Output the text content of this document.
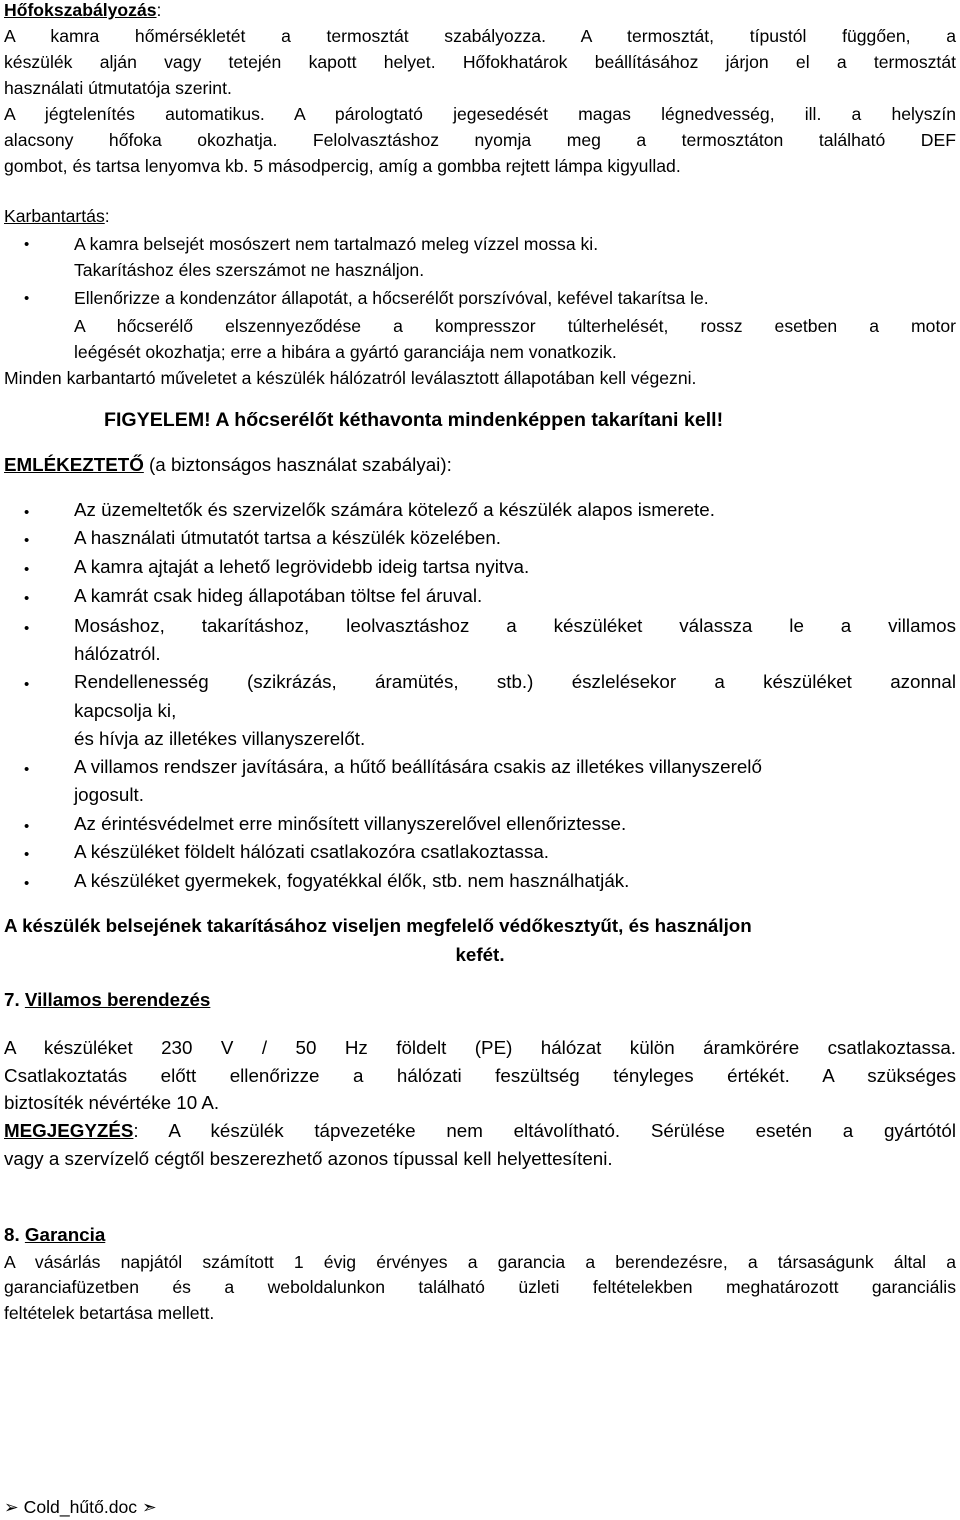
Hőfokszabályozás:
A kamra hőmérsékletét a termosztát szabályozza. A termosztát, típustól függően, a
készülék alján vagy tetején kapott helyet. Hőfokhatárok beállításához járjon el a termosztát
használati útmutatója szerint.
A jégtelenítés automatikus. A párologtató jegesedését magas légnedvesség, ill. a helyszín
alacsony hőfoka okozhatja. Felolvasztáshoz nyomja meg a termosztáton található DEF
gombot, és tartsa lenyomva kb. 5 másodpercig, amíg a gombba rejtett lámpa kigyullad.
Karbantartás:
•	A kamra belsejét mosószert nem tartalmazó meleg vízzel mossa ki.
Takarításhoz éles szerszámot ne használjon.
•	Ellenőrizze a kondenzátor állapotát, a hőcserélőt porszívóval, kefével takarítsa le.
A hőcserélő elszennyeződése a kompresszor túlterhelését, rossz esetben a motor
leégését okozhatja; erre a hibára a gyártó garanciája nem vonatkozik.
Minden karbantartó műveletet a készülék hálózatról leválasztott állapotában kell végezni.
FIGYELEM! A hőcserélőt kéthavonta mindenképpen takarítani kell!
EMLÉKEZTETŐ (a biztonságos használat szabályai):
• Az üzemeltetők és szervizelők számára kötelező a készülék alapos ismerete.
• A használati útmutatót tartsa a készülék közelében.
• A kamra ajtaját a lehető legrövidebb ideig tartsa nyitva.
• A kamrát csak hideg állapotában töltse fel áruval.
• Mosáshoz, takarításhoz, leolvasztáshoz a készüléket válassza le a villamos
hálózatról.
• Rendellenesség (szikrázás, áramütés, stb.) észlelésekor a készüléket azonnal
kapcsolja ki,
és hívja az illetékes villanyszerelőt.
• A villamos rendszer javítására, a hűtő beállítására csakis az illetékes villanyszerelő
jogosult.
• Az érintésvédelmet erre minősített villanyszerelővel ellenőriztesse.
• A készüléket földelt hálózati csatlakozóra csatlakoztassa.
• A készüléket gyermekek, fogyatékkal élők, stb. nem használhatják.
A készülék belsejének takarításához viseljen megfelelő védőkesztyűt, és használjon
kefét.
7. Villamos berendezés
A készüléket 230 V / 50 Hz földelt (PE) hálózat külön áramkörére csatlakoztassa.
Csatlakoztatás előtt ellenőrizze a hálózati feszültség tényleges értékét. A szükséges
biztosíték névértéke 10 A.
MEGJEGYZÉS: A készülék tápvezetéke nem eltávolítható. Sérülése esetén a gyártótól
vagy a szervízelő cégtől beszerezhető azonos típussal kell helyettesíteni.
8. Garancia
A vásárlás napjától számított 1 évig érvényes a garancia a berendezésre, a társaságunk által a
garanciafüzetben és a weboldalunkon található üzleti feltételekben meghatározott garanciális
feltételek betartása mellett.
➢ Cold_hűtő.doc ➣
